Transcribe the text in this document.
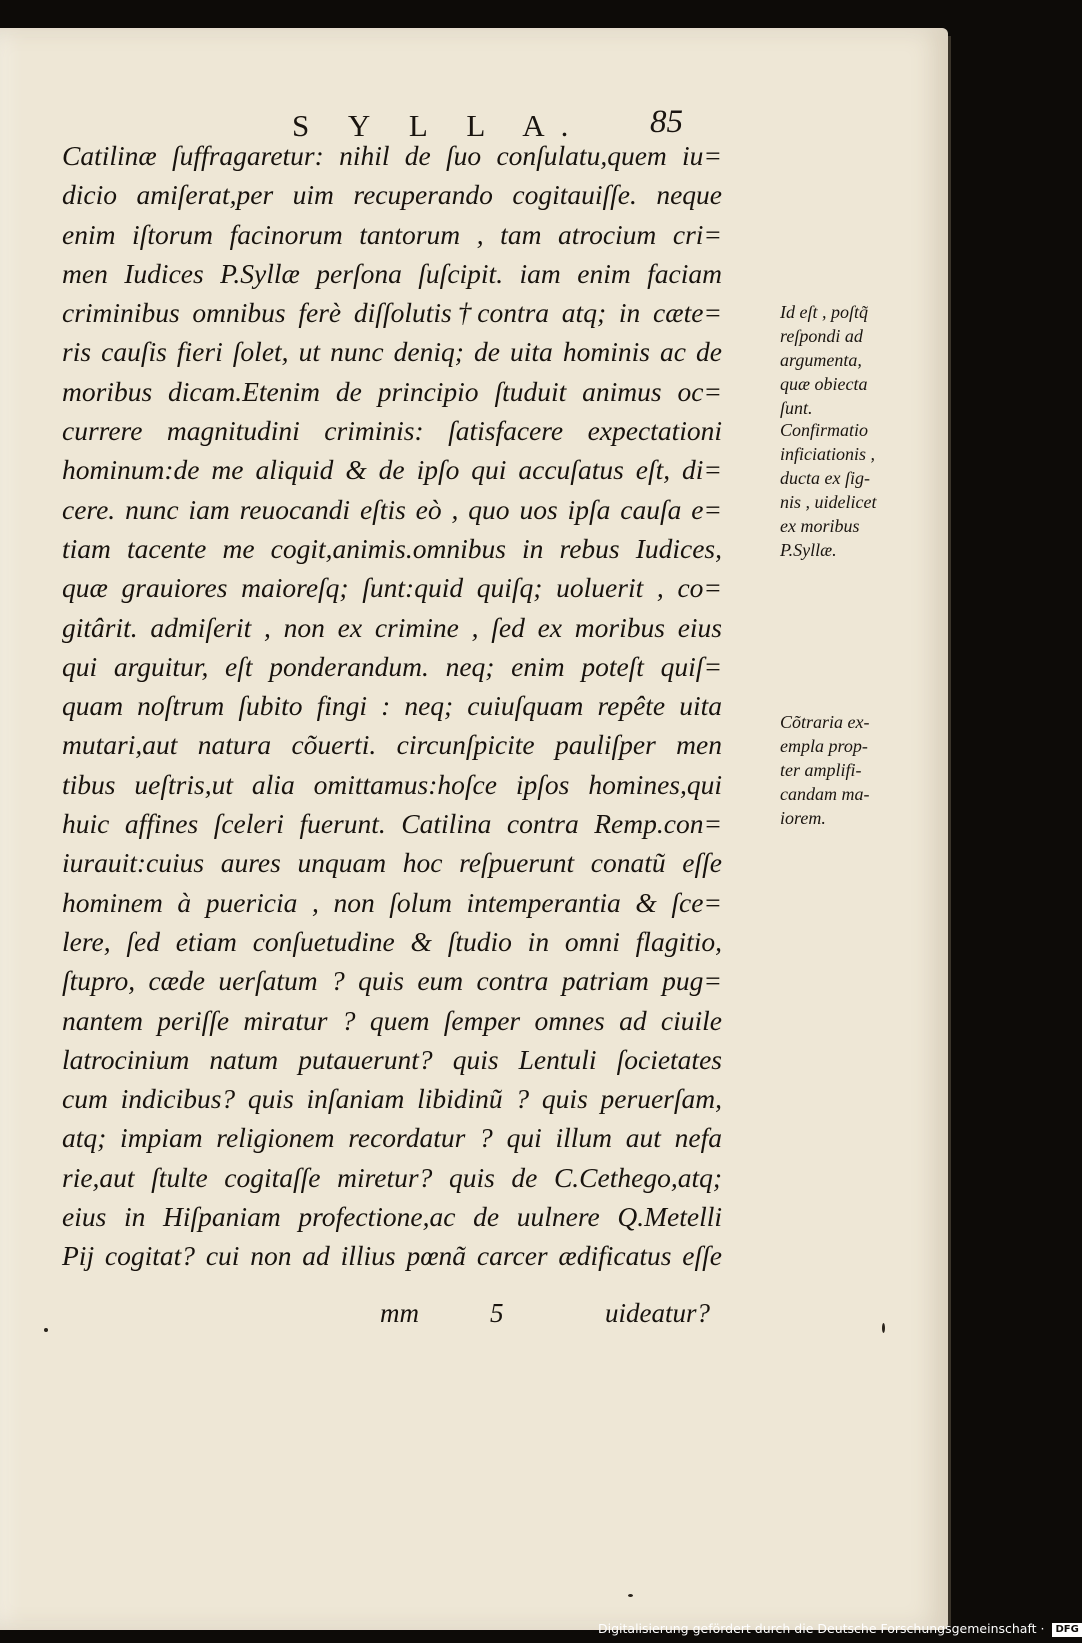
S Y L L A. 85
Catilinæ ſuffragaretur: nihil de ſuo conſulatu,quem iu=
dicio amiſerat,per uim recuperando cogitauiſſe. neque
enim iſtorum facinorum tantorum , tam atrocium cri=
men Iudices P.Syllæ perſona ſuſcipit. iam enim faciam
criminibus omnibus ferè diſſolutis†contra atq; in cæte=
ris cauſis fieri ſolet, ut nunc deniq; de uita hominis ac de
moribus dicam.Etenim de principio ſtuduit animus oc=
currere magnitudini criminis: ſatisfacere expectationi
hominum:de me aliquid & de ipſo qui accuſatus eſt, di=
cere. nunc iam reuocandi eſtis eò , quo uos ipſa cauſa e=
tiam tacente me cogit,animis.omnibus in rebus Iudices,
quæ grauiores maioreſq; ſunt:quid quiſq; uoluerit , co=
gitârit. admiſerit , non ex crimine , ſed ex moribus eius
qui arguitur, eſt ponderandum. neq; enim poteſt quiſ=
quam noſtrum ſubito fingi : neq; cuiuſquam repête uita
mutari,aut natura cõuerti. circunſpicite pauliſper men
tibus ueſtris,ut alia omittamus:hoſce ipſos homines,qui
huic affines ſceleri fuerunt. Catilina contra Remp.con=
iurauit:cuius aures unquam hoc reſpuerunt conatũ eſſe
hominem à puericia , non ſolum intemperantia & ſce=
lere, ſed etiam conſuetudine & ſtudio in omni flagitio,
ſtupro, cæde uerſatum ? quis eum contra patriam pug=
nantem periſſe miratur ? quem ſemper omnes ad ciuile
latrocinium natum putauerunt? quis Lentuli ſocietates
cum indicibus? quis inſaniam libidinũ ? quis peruerſam,
atq; impiam religionem recordatur ? qui illum aut nefa
rie,aut ſtulte cogitaſſe miretur? quis de C.Cethego,atq;
eius in Hiſpaniam profectione,ac de uulnere Q.Metelli
Pij cogitat? cui non ad illius pœnã carcer ædificatus eſſe
Id eſt , poſtq̃
reſpondi ad
argumenta,
quæ obiecta
ſunt.
Confirmatio
inficiationis ,
ducta ex ſig-
nis , uidelicet
ex moribus
P.Syllæ.
Cõtraria ex-
empla prop-
ter amplifi-
candam ma-
iorem.
mm	5	uideatur?
Digitalisierung gefördert durch die Deutsche Forschungsgemeinschaft · DFG
